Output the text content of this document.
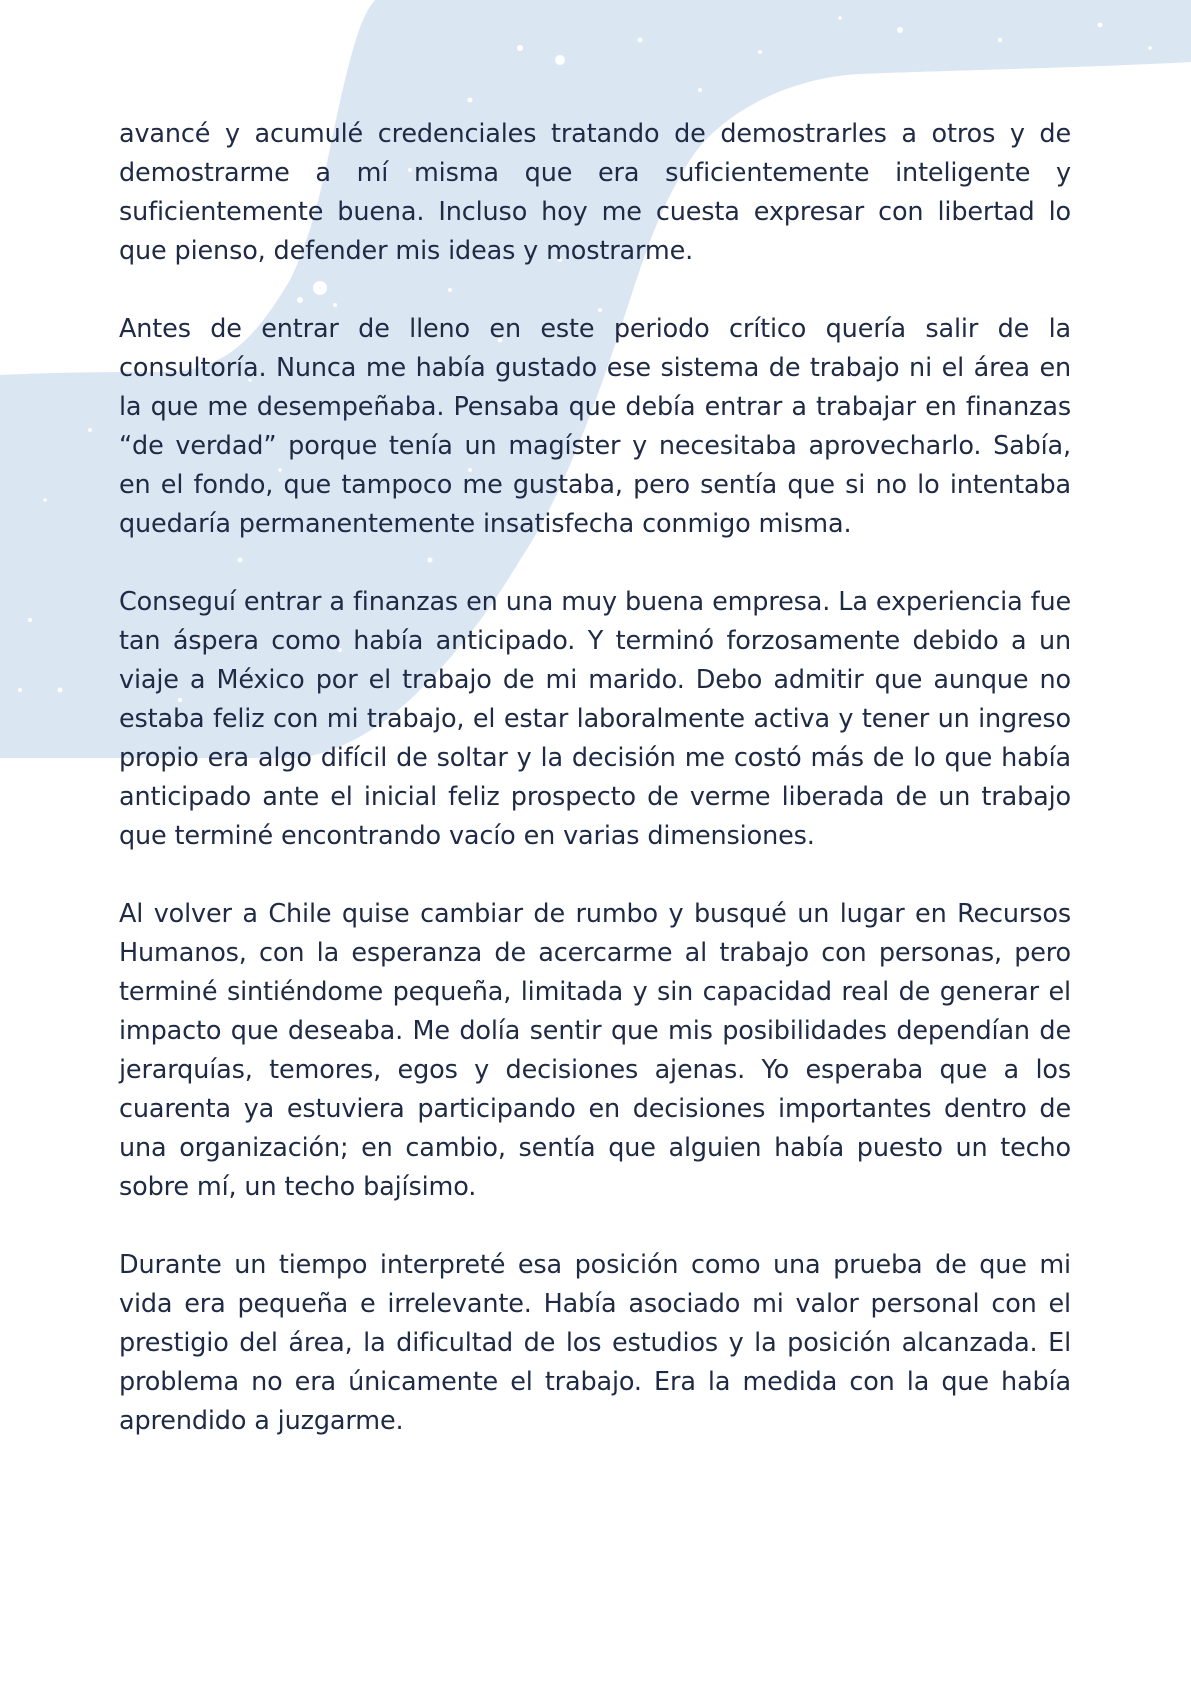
avancé y acumulé credenciales tratando de demostrarles a otros y de demostrarme a mí misma que era suficientemente inteligente y suficientemente buena. Incluso hoy me cuesta expresar con libertad lo que pienso, defender mis ideas y mostrarme.

Antes de entrar de lleno en este periodo crítico quería salir de la consultoría. Nunca me había gustado ese sistema de trabajo ni el área en la que me desempeñaba. Pensaba que debía entrar a trabajar en finanzas “de verdad” porque tenía un magíster y necesitaba aprovecharlo. Sabía, en el fondo, que tampoco me gustaba, pero sentía que si no lo intentaba quedaría permanentemente insatisfecha conmigo misma.

Conseguí entrar a finanzas en una muy buena empresa. La experiencia fue tan áspera como había anticipado. Y terminó forzosamente debido a un viaje a México por el trabajo de mi marido. Debo admitir que aunque no estaba feliz con mi trabajo, el estar laboralmente activa y tener un ingreso propio era algo difícil de soltar y la decisión me costó más de lo que había anticipado ante el inicial feliz prospecto de verme liberada de un trabajo que terminé encontrando vacío en varias dimensiones.

Al volver a Chile quise cambiar de rumbo y busqué un lugar en Recursos Humanos, con la esperanza de acercarme al trabajo con personas, pero terminé sintiéndome pequeña, limitada y sin capacidad real de generar el impacto que deseaba. Me dolía sentir que mis posibilidades dependían de jerarquías, temores, egos y decisiones ajenas. Yo esperaba que a los cuarenta ya estuviera participando en decisiones importantes dentro de una organización; en cambio, sentía que alguien había puesto un techo sobre mí, un techo bajísimo.

Durante un tiempo interpreté esa posición como una prueba de que mi vida era pequeña e irrelevante. Había asociado mi valor personal con el prestigio del área, la dificultad de los estudios y la posición alcanzada. El problema no era únicamente el trabajo. Era la medida con la que había aprendido a juzgarme.
